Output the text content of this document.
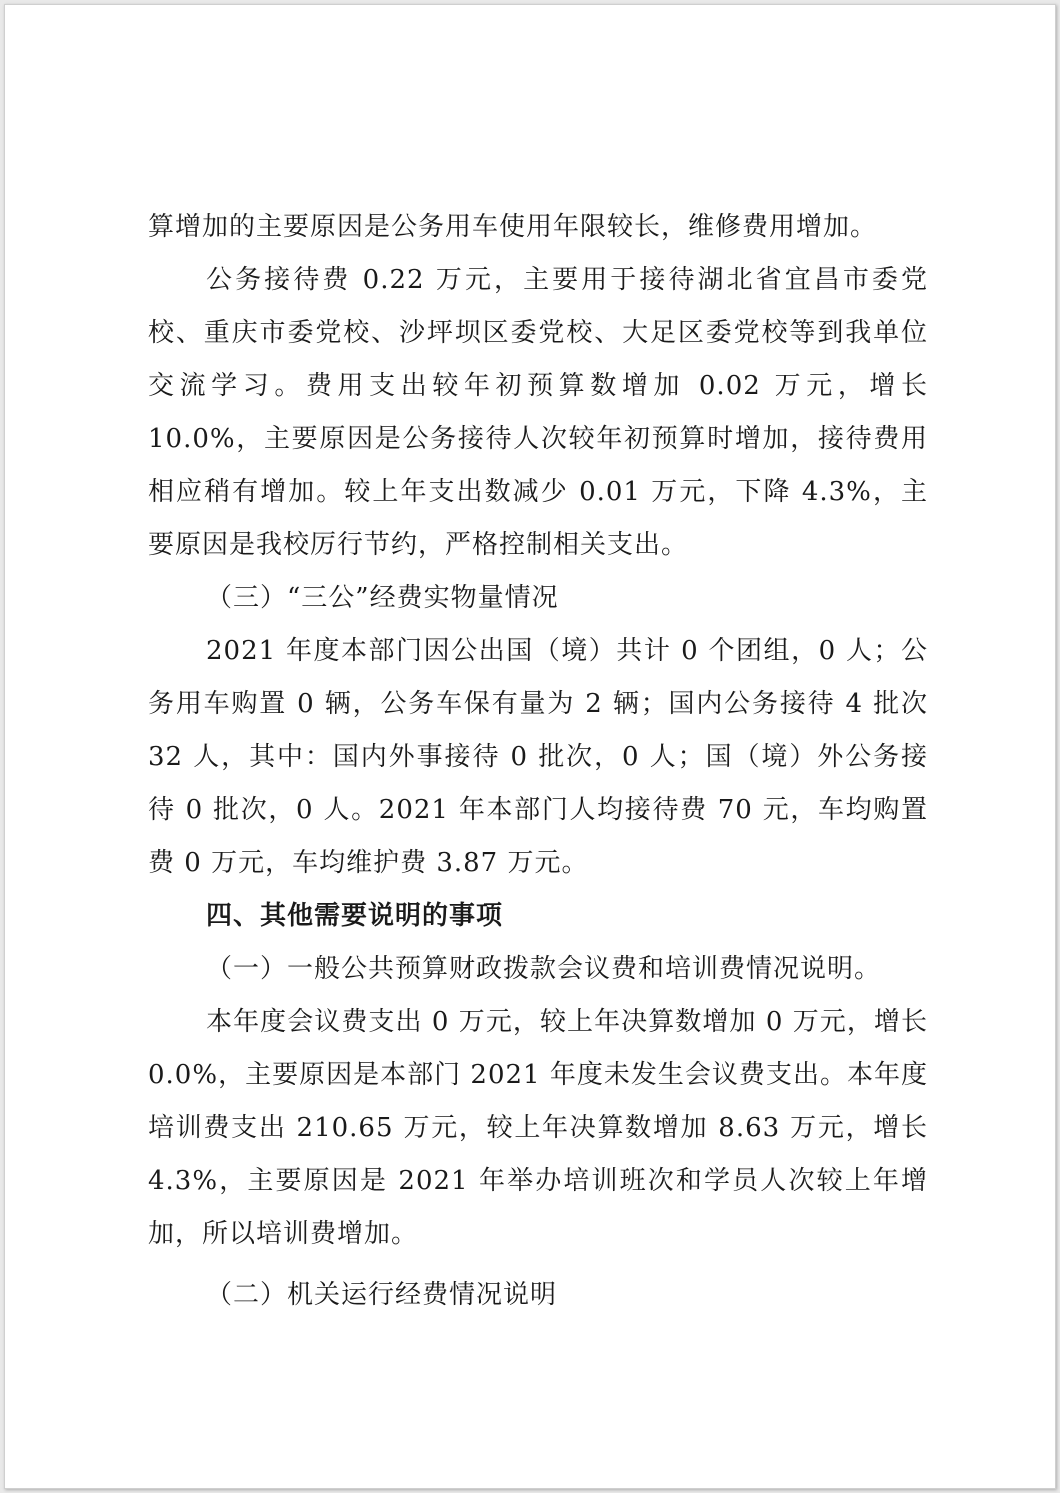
算增加的主要原因是公务用车使用年限较长，维修费用增加。

公务接待费 0.22 万元，主要用于接待湖北省宜昌市委党校、重庆市委党校、沙坪坝区委党校、大足区委党校等到我单位交流学习。费用支出较年初预算数增加 0.02 万元，增长 10.0%，主要原因是公务接待人次较年初预算时增加，接待费用相应稍有增加。较上年支出数减少 0.01 万元，下降 4.3%，主要原因是我校厉行节约，严格控制相关支出。

（三）“三公”经费实物量情况

2021 年度本部门因公出国（境）共计 0 个团组，0 人；公务用车购置 0 辆，公务车保有量为 2 辆；国内公务接待 4 批次 32 人，其中：国内外事接待 0 批次，0 人；国（境）外公务接待 0 批次，0 人。2021 年本部门人均接待费 70 元，车均购置费 0 万元，车均维护费 3.87 万元。

四、其他需要说明的事项

（一）一般公共预算财政拨款会议费和培训费情况说明。

本年度会议费支出 0 万元，较上年决算数增加 0 万元，增长 0.0%，主要原因是本部门 2021 年度未发生会议费支出。本年度培训费支出 210.65 万元，较上年决算数增加 8.63 万元，增长 4.3%，主要原因是 2021 年举办培训班次和学员人次较上年增加，所以培训费增加。

（二）机关运行经费情况说明
